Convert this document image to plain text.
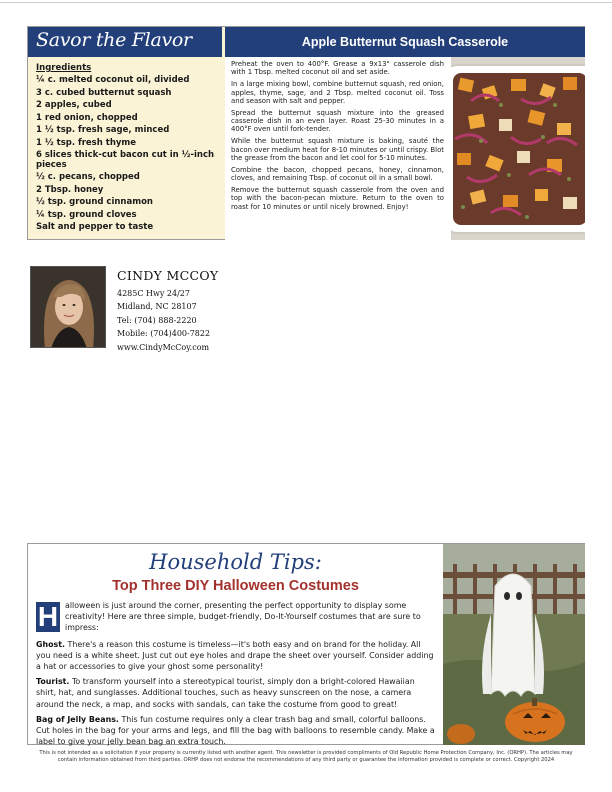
Savor the Flavor	Apple Butternut Squash Casserole
Ingredients
¼ c. melted coconut oil, divided
3 c. cubed butternut squash
2 apples, cubed
1 red onion, chopped
1 ½ tsp. fresh sage, minced
1 ½ tsp. fresh thyme
6 slices thick-cut bacon cut in ½-inch pieces
½ c. pecans, chopped
2 Tbsp. honey
½ tsp. ground cinnamon
¼ tsp. ground cloves
Salt and pepper to taste

Preheat the oven to 400°F. Grease a 9x13" casserole dish with 1 Tbsp. melted coconut oil and set aside.

In a large mixing bowl, combine butternut squash, red onion, apples, thyme, sage, and 2 Tbsp. melted coconut oil. Toss and season with salt and pepper.

Spread the butternut squash mixture into the greased casserole dish in an even layer. Roast 25-30 minutes in a 400°F oven until fork-tender.

While the butternut squash mixture is baking, sauté the bacon over medium heat for 8-10 minutes or until crispy. Blot the grease from the bacon and let cool for 5-10 minutes.

Combine the bacon, chopped pecans, honey, cinnamon, cloves, and remaining Tbsp. of coconut oil in a small bowl.

Remove the butternut squash casserole from the oven and top with the bacon-pecan mixture. Return to the oven to roast for 10 minutes or until nicely browned. Enjoy!

CINDY MCCOY
4285C Hwy 24/27
Midland, NC 28107
Tel: (704) 888-2220
Mobile: (704)400-7822
www.CindyMcCoy.com
Household Tips:
Top Three DIY Halloween Costumes

H alloween is just around the corner, presenting the perfect opportunity to display some creativity! Here are three simple, budget-friendly, Do-It-Yourself costumes that are sure to impress:

Ghost. There's a reason this costume is timeless—it's both easy and on brand for the holiday. All you need is a white sheet. Just cut out eye holes and drape the sheet over yourself. Consider adding a hat or accessories to give your ghost some personality!

Tourist. To transform yourself into a stereotypical tourist, simply don a bright-colored Hawaiian shirt, hat, and sunglasses. Additional touches, such as heavy sunscreen on the nose, a camera around the neck, a map, and socks with sandals, can take the costume from good to great!

Bag of Jelly Beans. This fun costume requires only a clear trash bag and small, colorful balloons. Cut holes in the bag for your arms and legs, and fill the bag with balloons to resemble candy. Make a label to give your jelly bean bag an extra touch.

This is not intended as a solicitation if your property is currently listed with another agent. This newsletter is provided compliments of Old Republic Home Protection Company, Inc. (ORHP). The articles may contain information obtained from third parties. ORHP does not endorse the recommendations of any third party or guarantee the information provided is complete or correct. Copyright 2024
